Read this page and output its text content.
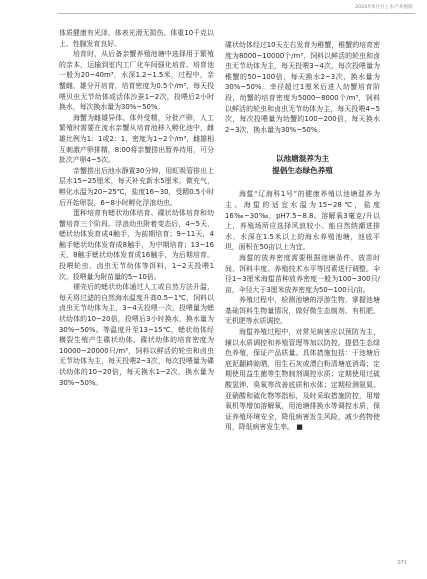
2024年9月号 | 水产养殖版

体质健康有光泽、体表光滑无损伤、体重10千克以上、性腺发育良好。

培育时，从后备亲蟹养殖池塘中选择用于繁殖的亲本，运输到室内工厂化车间强化培育。培育池一般为20~40m³，水深1.2~1.5米，过程中，亲蟹雌、雄分开培育，培育密度为0.5个/m³，每天投喂贝虫无节幼体或活体沙蚕1~2次，投喂后2小时换水，每次换水量为30%~50%。

海蟹为雌雄异体、体外受精，分批产卵，人工繁殖时需要在流水亲蟹从培育池移入孵化池中，雌雄比例为1：1或2：1，密度为1~2个/m³，雌雄相互刺激产卵排精，8:00将亲蟹捞出暂养待用，可分批次产卵4~5次。

亲蟹捞出后池水静置30分钟，用虹吸管排出上层水15~25厘米，每天补充新水5厘米，微充气，孵化水温为20~25℃，盐度16~30，受精0.5小时后开始卵裂，6~8小时孵化浮浪幼虫。

蛋种培育有蟋状幼体培育、碟状幼体培育和幼蟹培育三个阶段。浮浪幼虫附着变态后，4~5天，蟋状幼体发育成4触手，为前期培育；9~11天，4触手蟋状幼体发育成8触手，为中期培育；13~16天，8触手蟋状幼体发育成16触手，为后期培育。投喂轮虫、卤虫无节幼体等饵料，1~2天投喂1次，投喂量为附苗量的5~10倍。

褪壳后的蟋状幼体通过人工或自然方法升温，每天将过滤的自然海水温度升高0.5~1℃，饲料以卤虫无节幼体为主，3~4天投喂一次，投喂量为蟋状幼体的10~20倍，投喂后3小时换水，换水量为30%~50%。等温度升至13~15℃，蟋状幼体经横裂生殖产生碟状幼体。碟状幼体的培育密度为10000~20000只/m³，饲料以鲜活的轮虫和卤虫无节幼体为主，每天投喂2~3次，每次投喂量为碟状幼体的10~20倍，每天换水1~2次，换水量为30%~50%。

碟状幼体经过10天左右发育为稚蟹，稚蟹的培育密度为8000~10000个/m³，饲料以鲜活的轮虫和卤虫无节幼体为主，每天投喂3~4次，每次投喂量为稚蟹的50~100倍，每天换水2~3次，换水量为30%~50%。幸径超过1厘米后进入幼蟹培育阶段，幼蟹的培育密度为5000~8000个/m³，饲料以鲜活的轮虫和卤虫无节幼体为主，每天投喂4~5次，每次投喂量为幼蟹的100~200倍，每天换水2~3次，换水量为30%~50%。

以池塘混养为主
提倡生态绿色养殖

海蜇“辽海科1号”的健康养殖以池塘混养为主。海蜇的适宜水温为15~28℃，盐度16‰~30‰，pH7.5~8.8。溶解氧3毫克/升以上，养殖场所应选择风浪较小、能自然纳潮进排水、水深在1.5米以上的海水养殖池塘，池底平坦，面积在50亩以上为宜。

海蜇的放养密度需要根据池塘条件、放苗时间、饵料丰度、养殖技术水平等因素进行调整。伞径1~3厘米海蜇苗种放养密度一般为100~300只/亩，伞径大于3厘米放养密度为50~100只/亩。

养殖过程中，检测池塘的浮游生物，掌握池塘基础饵料生物量情况，做好微生态制剂、有机肥、无机肥等水质调控。

海蜇养殖过程中，对常见病害应以预防为主，辅以水质调控和养殖管理等加以防控，提倡生态绿色养殖，保证产品质量。具体措施包括：干池塘后底泥翻耕晾晒，用生石灰或漂白粉清塘底消毒；定期使用益生菌等生物制剂调控水质；定期使用过硫酸氢钾、臭氧等改善底质和水体；定期检测氨氮、亚硝酸和硫化物等指标，及时采取措施防控，用增氧机等增加溶解氧，用池塘排换水等调控水质，保证养殖环境安全，降低病害发生风险，减少药物使用，降低病害发生率。 ■

071
